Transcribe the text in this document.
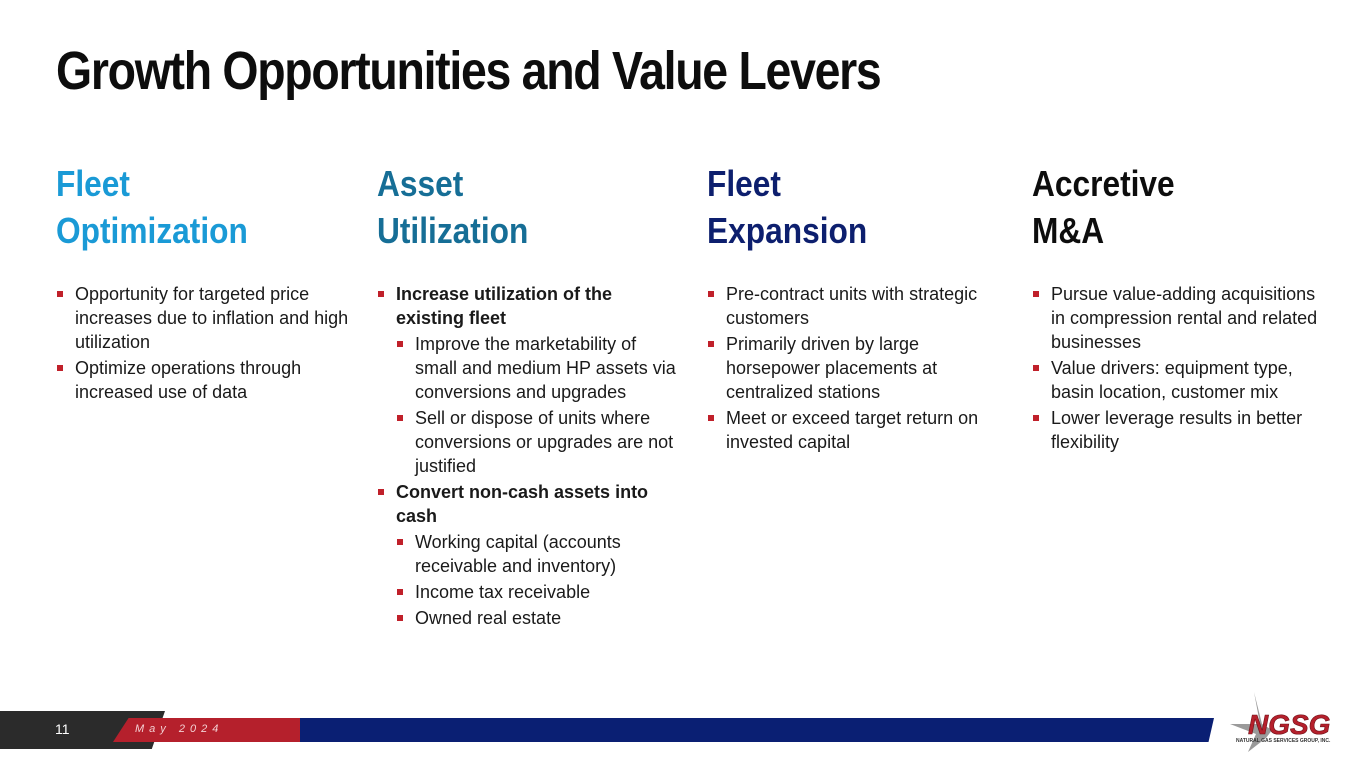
Growth Opportunities and Value Levers
Fleet
Optimization
Opportunity for targeted price increases due to inflation and high utilization
Optimize operations through increased use of data
Asset
Utilization
Increase utilization of the existing fleet
Improve the marketability of small and medium HP assets via conversions and upgrades
Sell or dispose of units where conversions or upgrades are not justified
Convert non-cash assets into cash
Working capital (accounts receivable and inventory)
Income tax receivable
Owned real estate
Fleet
Expansion
Pre-contract units with strategic customers
Primarily driven by large horsepower placements at centralized stations
Meet or exceed target return on invested capital
Accretive
M&A
Pursue value-adding acquisitions in compression rental and related businesses
Value drivers: equipment type, basin location, customer mix
Lower leverage results in better flexibility
11	May 2024	NGSG
NATURAL GAS SERVICES GROUP, INC.
